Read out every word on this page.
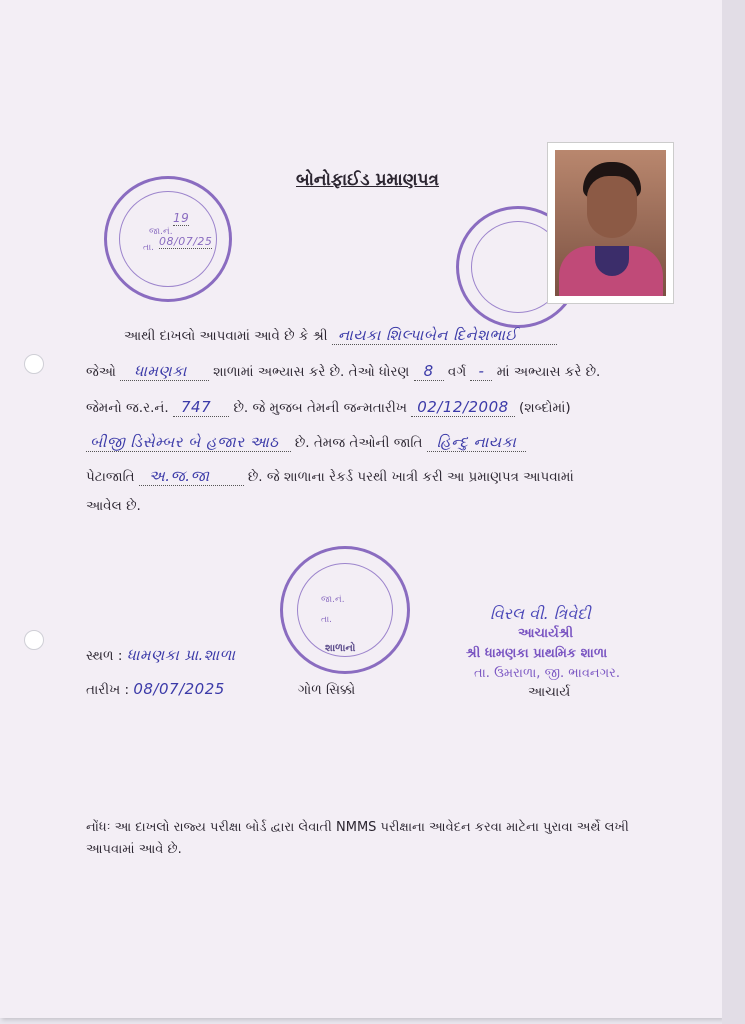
બોનોફાઈડ પ્રમાણપત્ર
જા.નં.
19
તા. 08/07/25
આથી દાખલો આપવામાં આવે છે કે શ્રી નાયકા શિલ્પાબેન દિનેશભાઈ
જેઓ ધામણકા શાળામાં અભ્યાસ કરે છે. તેઓ ધોરણ 8 વર્ગ - માં અભ્યાસ કરે છે.
જેમનો જ.ર.નં. 747 છે. જે મુજબ તેમની જન્મતારીખ 02/12/2008 (શબ્દોમાં)
બીજી ડિસેમ્બર બે હજાર આઠ છે. તેમજ તેઓની જાતિ હિન્દુ નાયકા
પેટાજાતિ અ.જ.જા	છે. જે શાળાના રેકર્ડ પરથી ખાત્રી કરી આ પ્રમાણપત્ર આપવામાં
આવેલ છે.
જા.નં.
તા.
શાળાનો
સ્થળ : ધામણકા પ્રા.શાળા
તારીખ : 08/07/2025	ગોળ સિક્કો
વિરલ વી. ત્રિવેદી
આચાર્યશ્રી
શ્રી ધામણકા પ્રાથમિક શાળા
તા. ઉમરાળા, જી. ભાવનગર.
આચાર્ય
નોંધઃ આ દાખલો રાજ્ય પરીક્ષા બોર્ડ દ્વારા લેવાતી NMMS પરીક્ષાના આવેદન કરવા માટેના પુરાવા અર્થે લખી
આપવામાં આવે છે.
